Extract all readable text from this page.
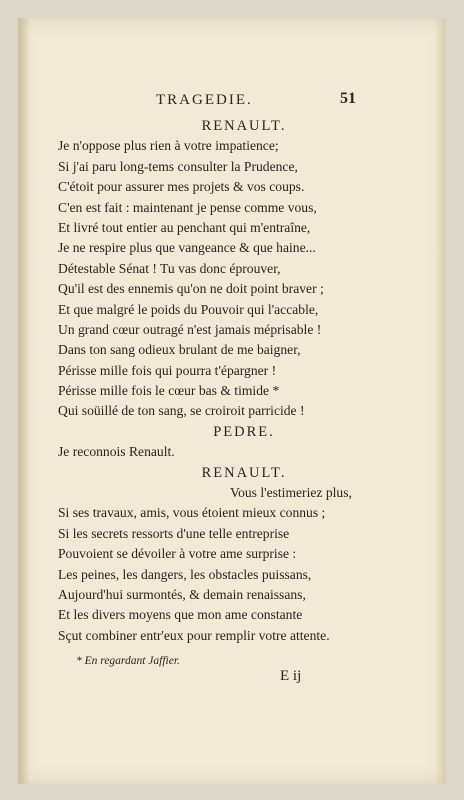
TRAGEDIE.	51
RENAULT.
Je n'oppose plus rien à votre impatience;
Si j'ai paru long-tems consulter la Prudence,
C'étoit pour assurer mes projets & vos coups.
C'en est fait : maintenant je pense comme vous,
Et livré tout entier au penchant qui m'entraîne,
Je ne respire plus que vangeance & que haine...
Détestable Sénat ! Tu vas donc éprouver,
Qu'il est des ennemis qu'on ne doit point braver ;
Et que malgré le poids du Pouvoir qui l'accable,
Un grand cœur outragé n'est jamais méprisable !
Dans ton sang odieux brulant de me baigner,
Périsse mille fois qui pourra t'épargner !
Périsse mille fois le cœur bas & timide *
Qui soüillé de ton sang, se croiroit parricide !
PEDRE.
Je reconnois Renault.
RENAULT.
Vous l'estimeriez plus,
Si ses travaux, amis, vous étoient mieux connus ;
Si les secrets ressorts d'une telle entreprise
Pouvoient se dévoiler à votre ame surprise :
Les peines, les dangers, les obstacles puissans,
Aujourd'hui surmontés, & demain renaissans,
Et les divers moyens que mon ame constante
Sçut combiner entr'eux pour remplir votre attente.
* En regardant Jaffier.
E ij
